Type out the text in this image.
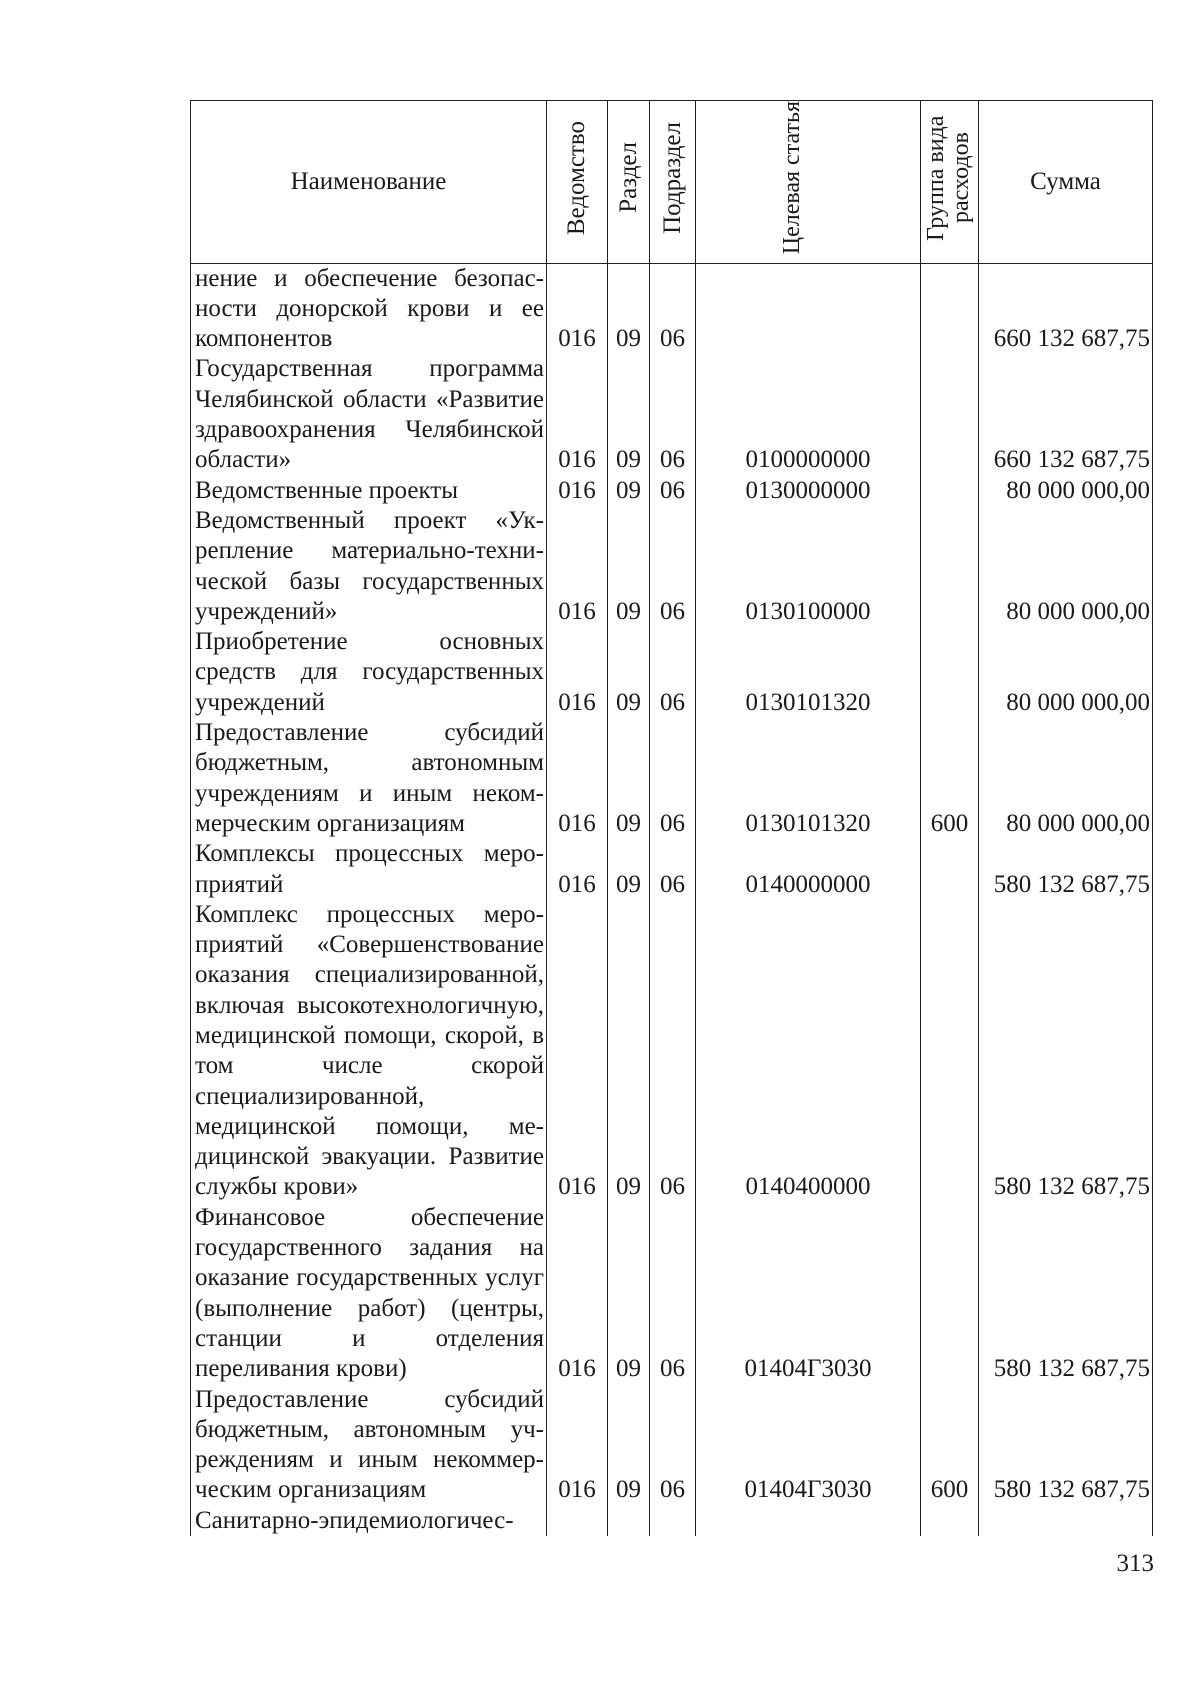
Наименование	Ведомство	Раздел	Подраздел	Целевая статья	Группа вида расходов	Сумма
нение и обеспечение безопасности донорской крови и ее компонентов	016	09	06			660 132 687,75
Государственная программа Челябинской области «Развитие здравоохранения Челябинской области»	016	09	06	0100000000		660 132 687,75
Ведомственные проекты	016	09	06	0130000000		80 000 000,00
Ведомственный проект «Укрепление материально-технической базы государственных учреждений»	016	09	06	0130100000		80 000 000,00
Приобретение основных средств для государственных учреждений	016	09	06	0130101320		80 000 000,00
Предоставление субсидий бюджетным, автономным учреждениям и иным некоммерческим организациям	016	09	06	0130101320	600	80 000 000,00
Комплексы процессных мероприятий	016	09	06	0140000000		580 132 687,75
Комплекс процессных мероприятий «Совершенствование оказания специализированной, включая высокотехнологичную, медицинской помощи, скорой, в том числе скорой специализированной, медицинской помощи, медицинской эвакуации. Развитие службы крови»	016	09	06	0140400000		580 132 687,75
Финансовое обеспечение государственного задания на оказание государственных услуг (выполнение работ) (центры, станции и отделения переливания крови)	016	09	06	01404Г3030		580 132 687,75
Предоставление субсидий бюджетным, автономным учреждениям и иным некоммерческим организациям	016	09	06	01404Г3030	600	580 132 687,75
Санитарно-эпидемиологичес-						
313
